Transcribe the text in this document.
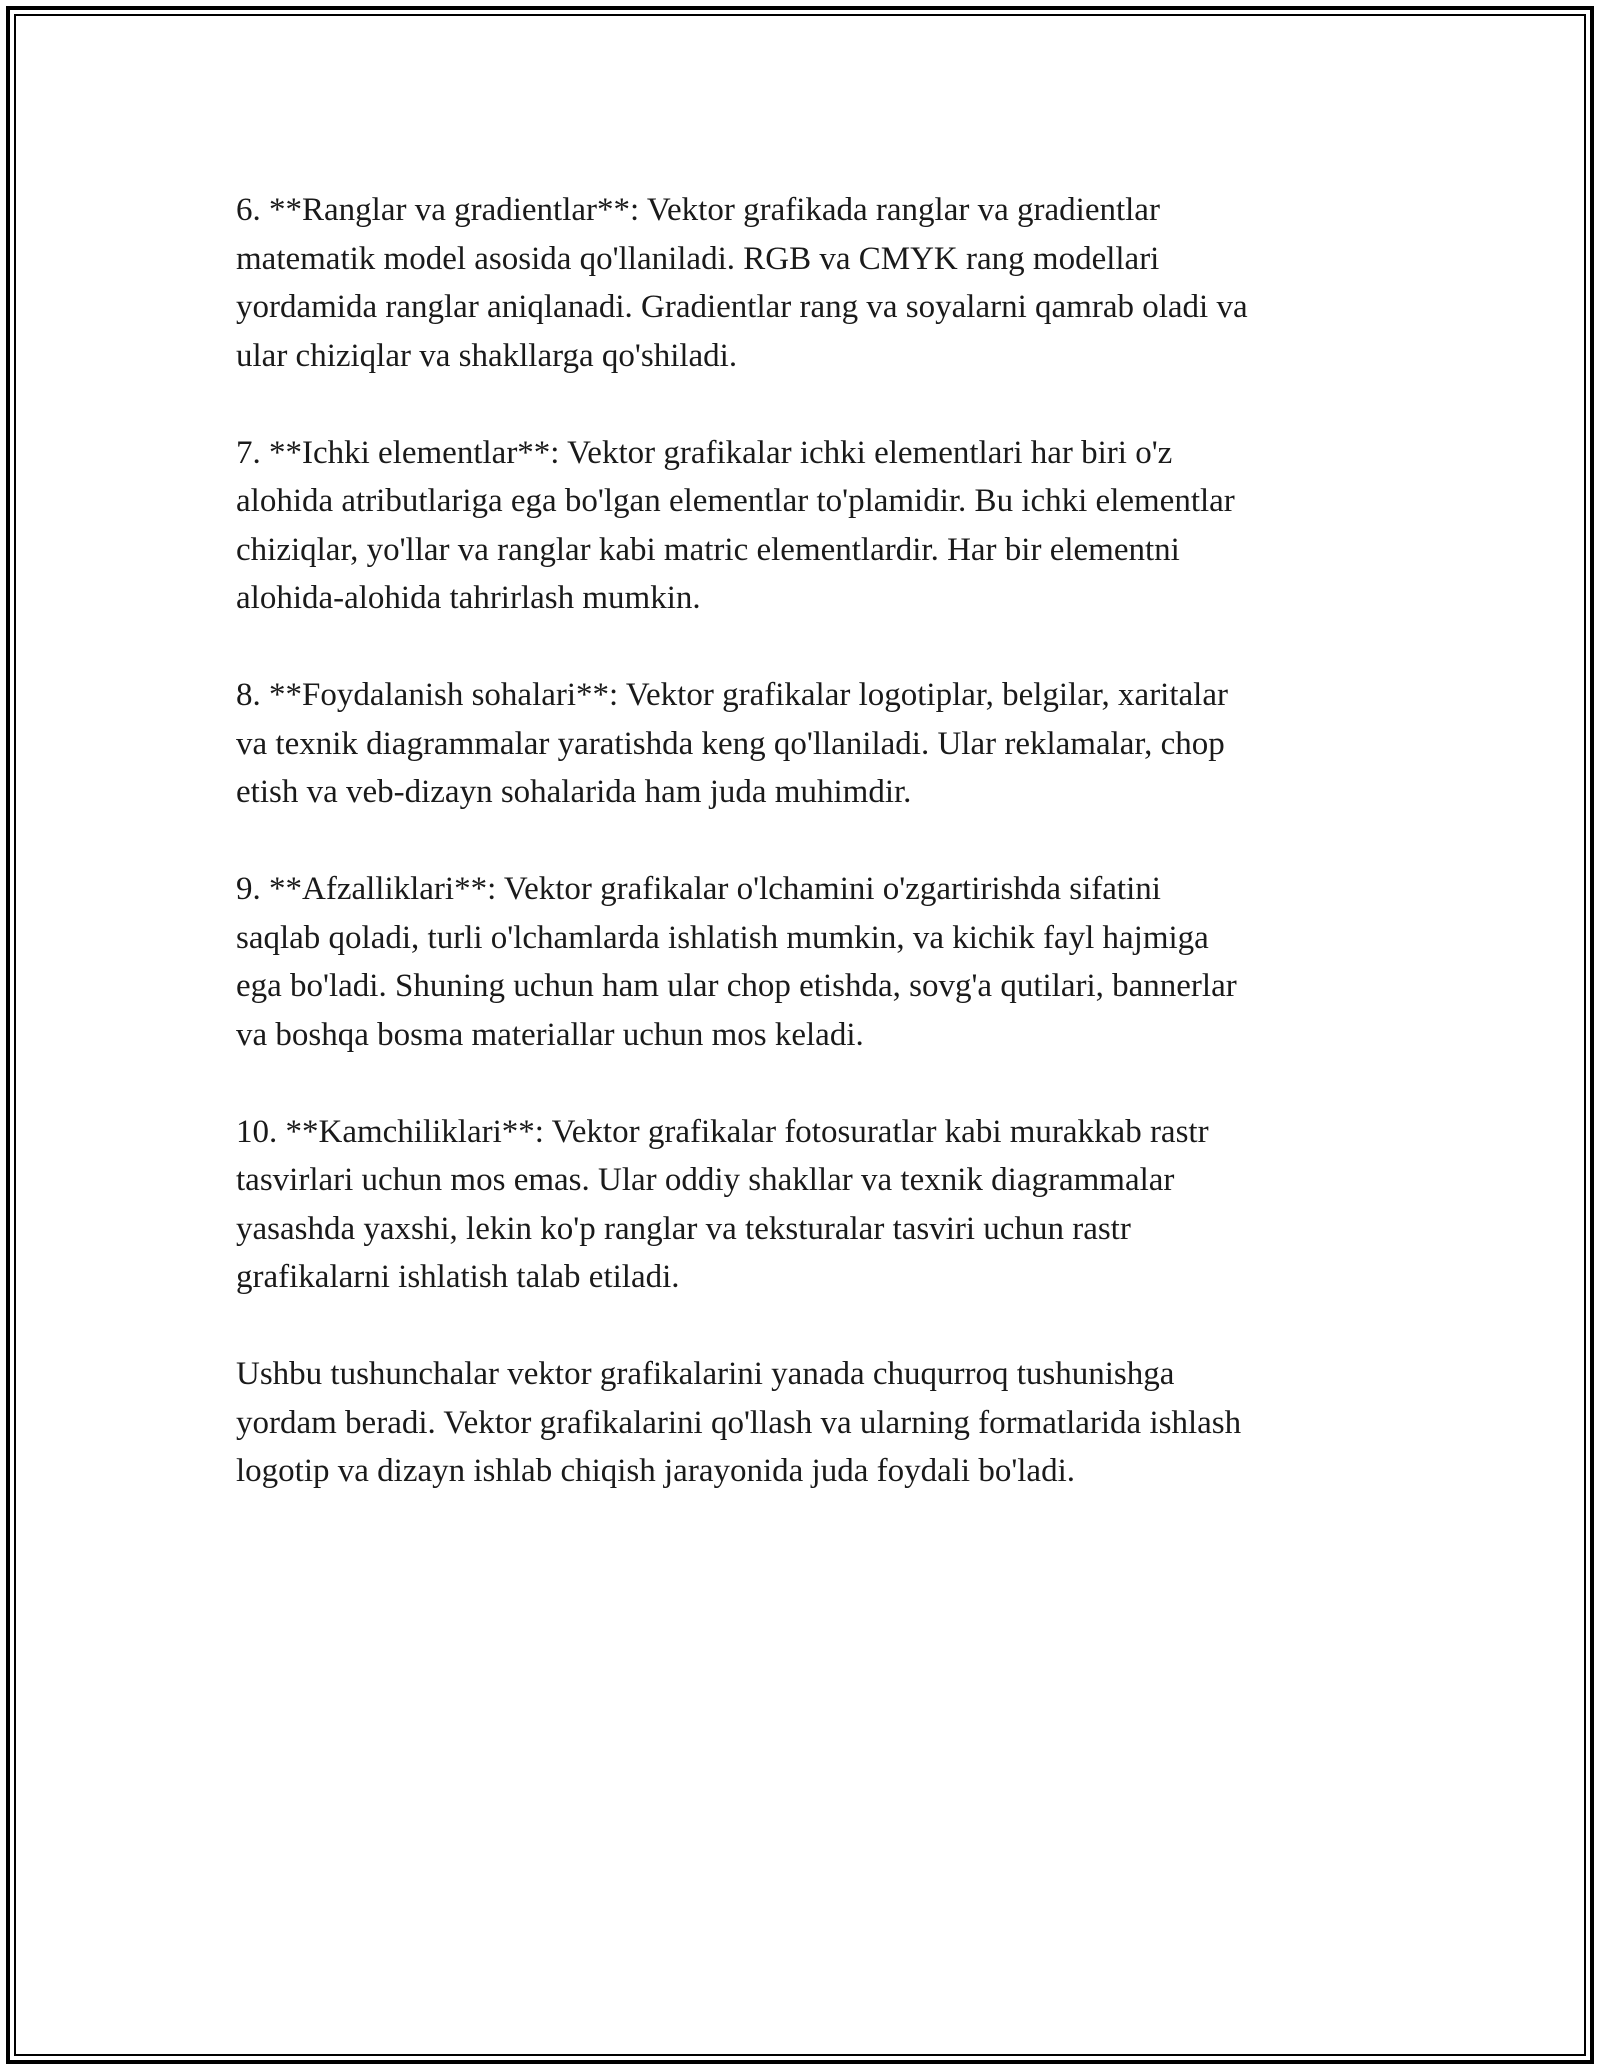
6. **Ranglar va gradientlar**: Vektor grafikada ranglar va gradientlar
matematik model asosida qo'llaniladi. RGB va CMYK rang modellari
yordamida ranglar aniqlanadi. Gradientlar rang va soyalarni qamrab oladi va
ular chiziqlar va shakllarga qo'shiladi.

7. **Ichki elementlar**: Vektor grafikalar ichki elementlari har biri o'z
alohida atributlariga ega bo'lgan elementlar to'plamidir. Bu ichki elementlar
chiziqlar, yo'llar va ranglar kabi matric elementlardir. Har bir elementni
alohida-alohida tahrirlash mumkin.

8. **Foydalanish sohalari**: Vektor grafikalar logotiplar, belgilar, xaritalar
va texnik diagrammalar yaratishda keng qo'llaniladi. Ular reklamalar, chop
etish va veb-dizayn sohalarida ham juda muhimdir.

9. **Afzalliklari**: Vektor grafikalar o'lchamini o'zgartirishda sifatini
saqlab qoladi, turli o'lchamlarda ishlatish mumkin, va kichik fayl hajmiga
ega bo'ladi. Shuning uchun ham ular chop etishda, sovg'a qutilari, bannerlar
va boshqa bosma materiallar uchun mos keladi.

10. **Kamchiliklari**: Vektor grafikalar fotosuratlar kabi murakkab rastr
tasvirlari uchun mos emas. Ular oddiy shakllar va texnik diagrammalar
yasashda yaxshi, lekin ko'p ranglar va teksturalar tasviri uchun rastr
grafikalarni ishlatish talab etiladi.

Ushbu tushunchalar vektor grafikalarini yanada chuqurroq tushunishga
yordam beradi. Vektor grafikalarini qo'llash va ularning formatlarida ishlash
logotip va dizayn ishlab chiqish jarayonida juda foydali bo'ladi.
